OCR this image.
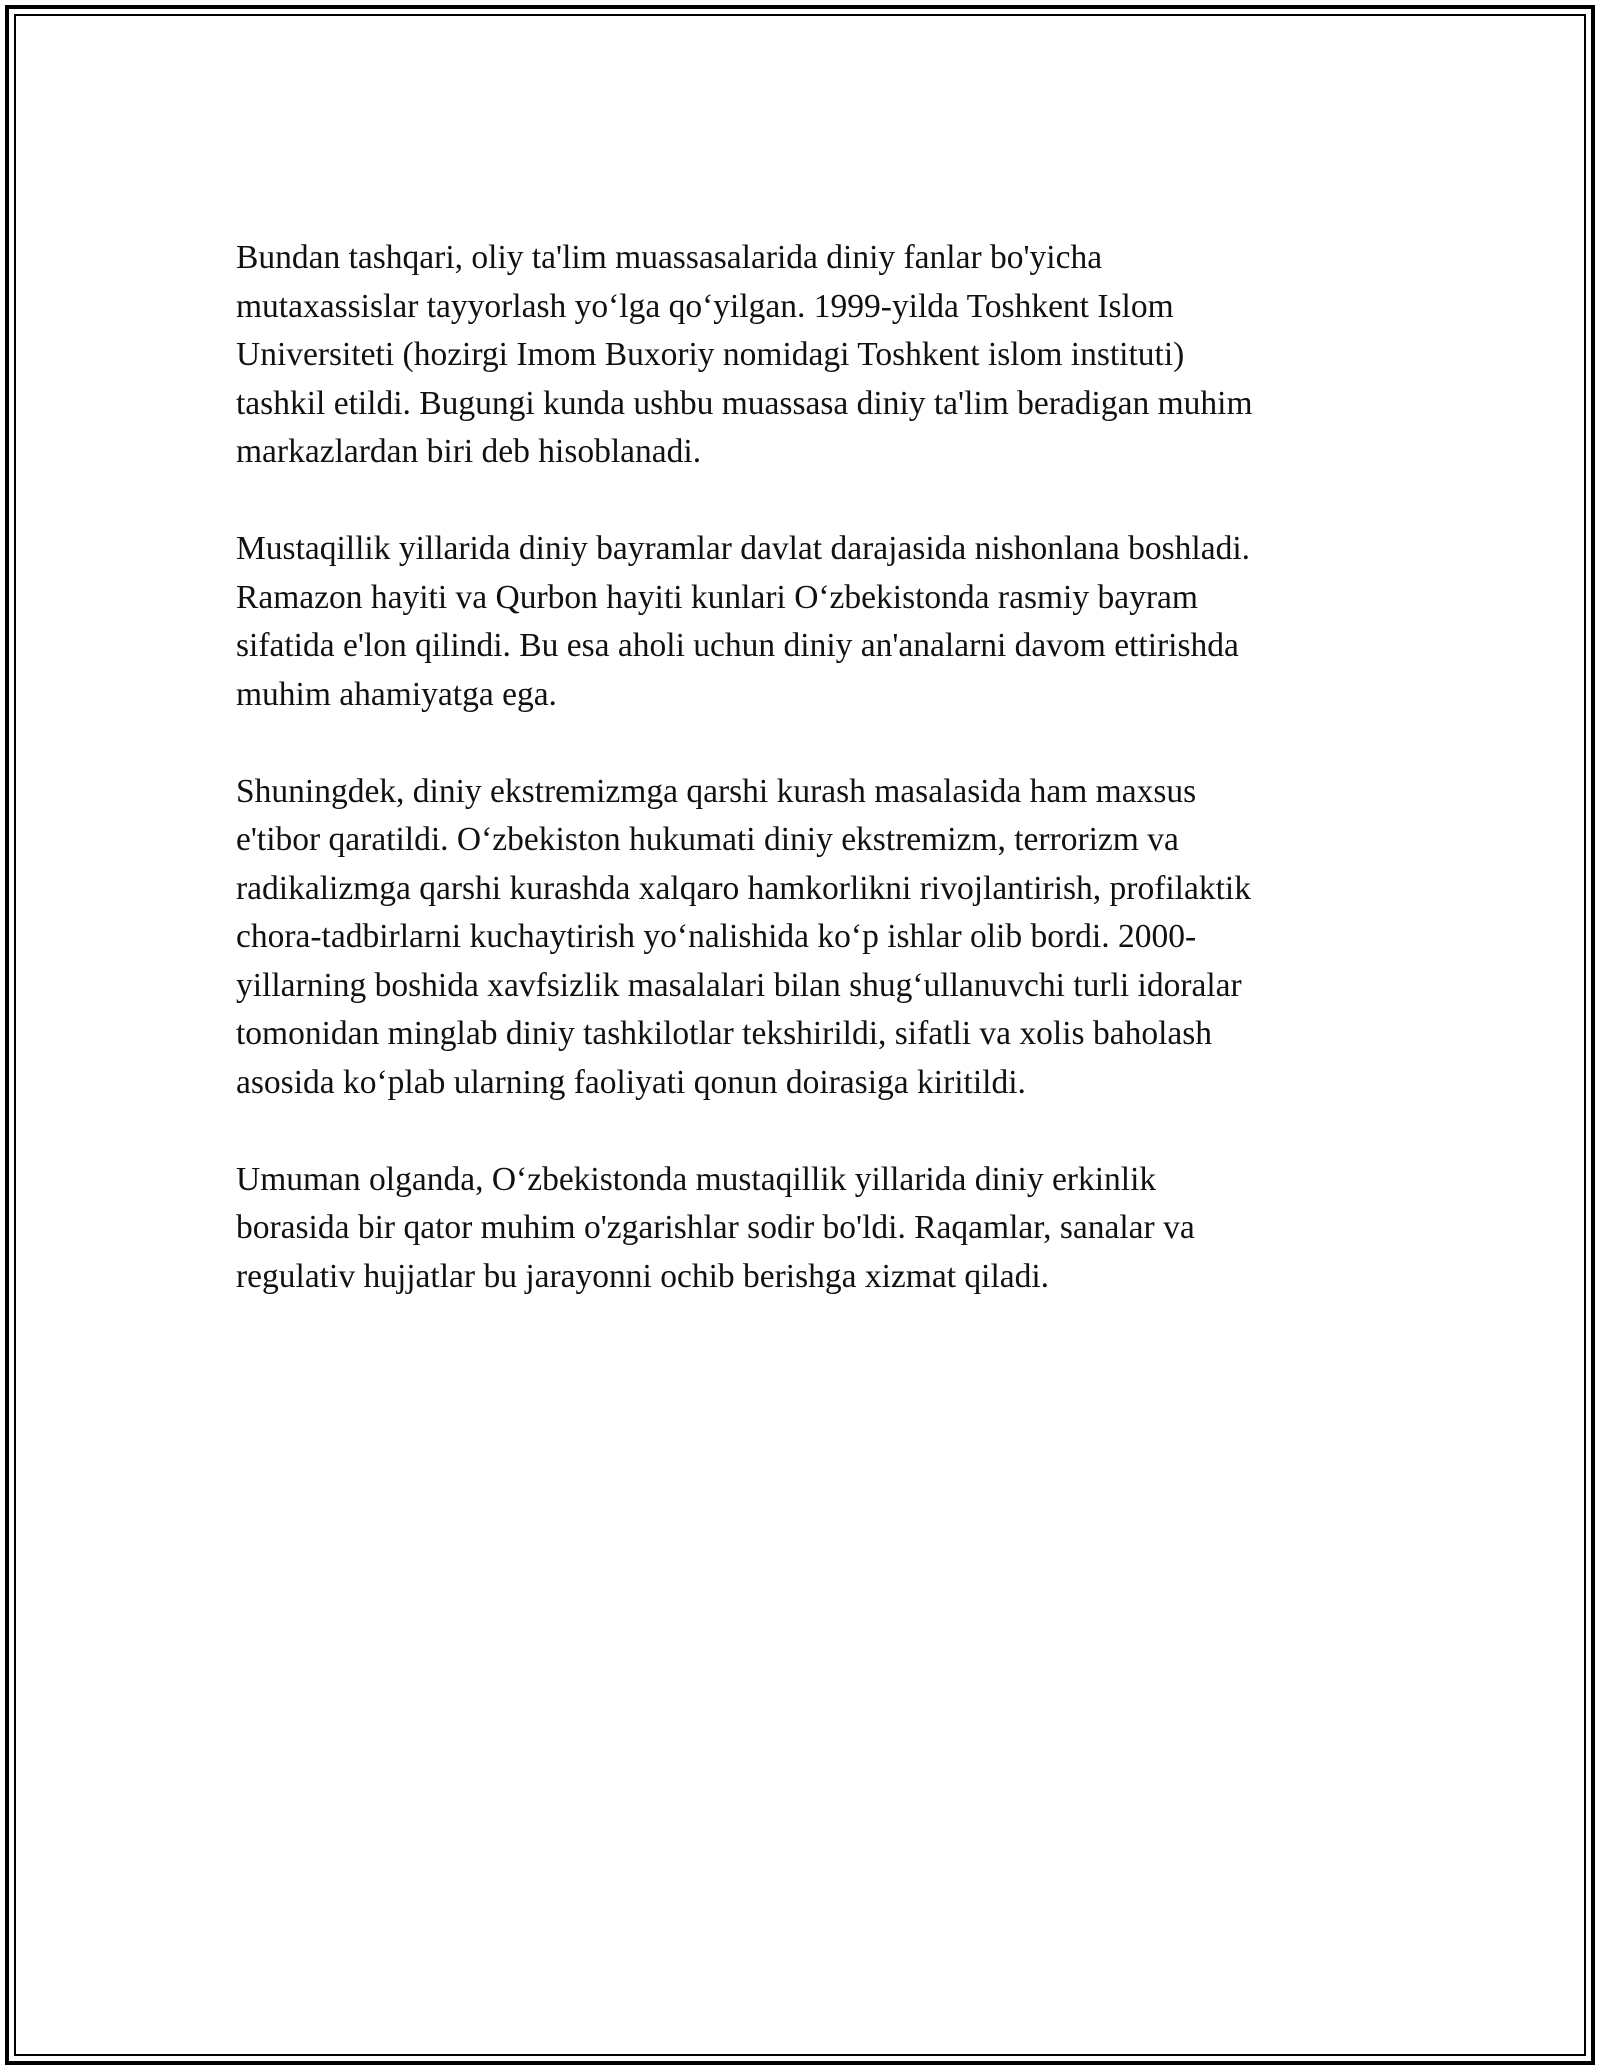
Bundan tashqari, oliy ta'lim muassasalarida diniy fanlar bo'yicha
mutaxassislar tayyorlash yo‘lga qo‘yilgan. 1999-yilda Toshkent Islom
Universiteti (hozirgi Imom Buxoriy nomidagi Toshkent islom instituti)
tashkil etildi. Bugungi kunda ushbu muassasa diniy ta'lim beradigan muhim
markazlardan biri deb hisoblanadi.

Mustaqillik yillarida diniy bayramlar davlat darajasida nishonlana boshladi.
Ramazon hayiti va Qurbon hayiti kunlari O‘zbekistonda rasmiy bayram
sifatida e'lon qilindi. Bu esa aholi uchun diniy an'analarni davom ettirishda
muhim ahamiyatga ega.

Shuningdek, diniy ekstremizmga qarshi kurash masalasida ham maxsus
e'tibor qaratildi. O‘zbekiston hukumati diniy ekstremizm, terrorizm va
radikalizmga qarshi kurashda xalqaro hamkorlikni rivojlantirish, profilaktik
chora-tadbirlarni kuchaytirish yo‘nalishida ko‘p ishlar olib bordi. 2000-
yillarning boshida xavfsizlik masalalari bilan shug‘ullanuvchi turli idoralar
tomonidan minglab diniy tashkilotlar tekshirildi, sifatli va xolis baholash
asosida ko‘plab ularning faoliyati qonun doirasiga kiritildi.

Umuman olganda, O‘zbekistonda mustaqillik yillarida diniy erkinlik
borasida bir qator muhim o'zgarishlar sodir bo'ldi. Raqamlar, sanalar va
regulativ hujjatlar bu jarayonni ochib berishga xizmat qiladi.
